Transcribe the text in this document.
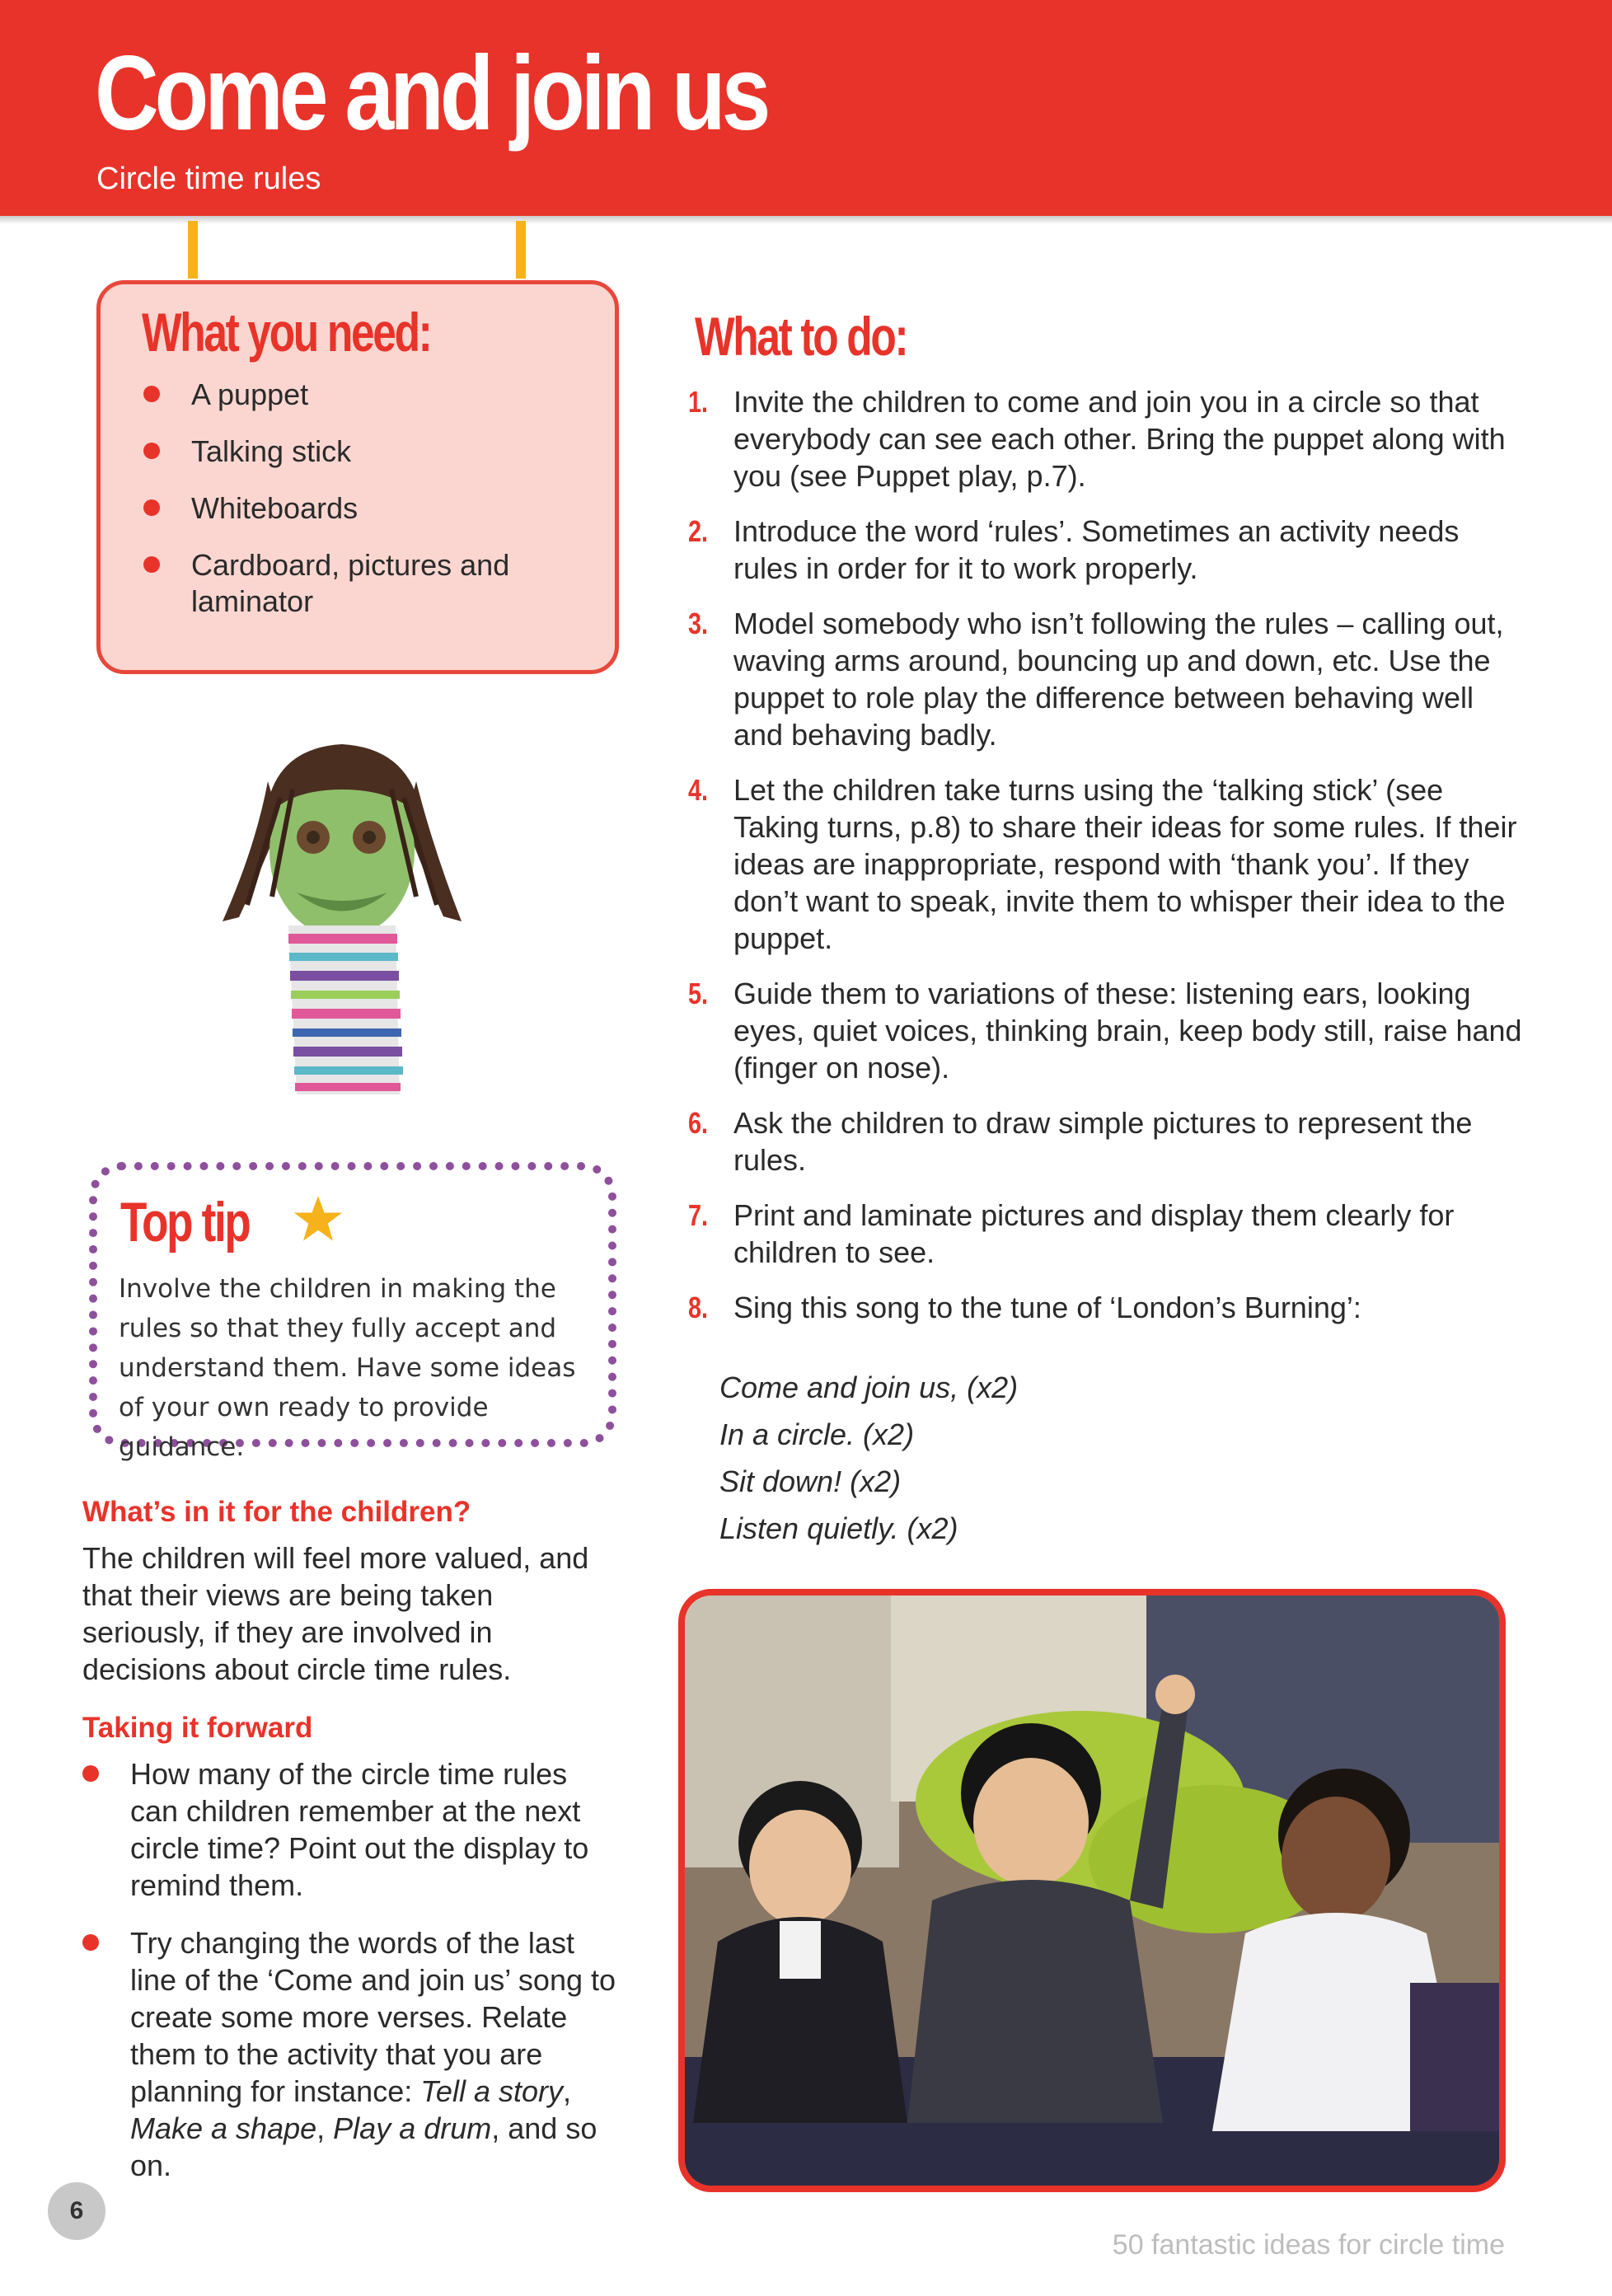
Come and join us
Circle time rules
What you need:
A puppet
Talking stick
Whiteboards
Cardboard, pictures and laminator
Top tip

Involve the children in making the rules so that they fully accept and understand them. Have some ideas of your own ready to provide guidance.

What’s in it for the children?

The children will feel more valued, and that their views are being taken seriously, if they are involved in decisions about circle time rules.

Taking it forward
How many of the circle time rules can children remember at the next circle time? Point out the display to remind them.
Try changing the words of the last line of the ‘Come and join us’ song to create some more verses. Relate them to the activity that you are planning for instance: Tell a story, Make a shape, Play a drum, and so on.
What to do:
1. Invite the children to come and join you in a circle so that everybody can see each other. Bring the puppet along with you (see Puppet play, p.7).
2. Introduce the word ‘rules’. Sometimes an activity needs rules in order for it to work properly.
3. Model somebody who isn’t following the rules – calling out, waving arms around, bouncing up and down, etc. Use the puppet to role play the difference between behaving well and behaving badly.
4. Let the children take turns using the ‘talking stick’ (see Taking turns, p.8) to share their ideas for some rules. If their ideas are inappropriate, respond with ‘thank you’. If they don’t want to speak, invite them to whisper their idea to the puppet.
5. Guide them to variations of these: listening ears, looking eyes, quiet voices, thinking brain, keep body still, raise hand (finger on nose).
6. Ask the children to draw simple pictures to represent the rules.
7. Print and laminate pictures and display them clearly for children to see.
8. Sing this song to the tune of ‘London’s Burning’:
Come and join us, (x2)
In a circle. (x2)
Sit down! (x2)
Listen quietly. (x2)
6
50 fantastic ideas for circle time
